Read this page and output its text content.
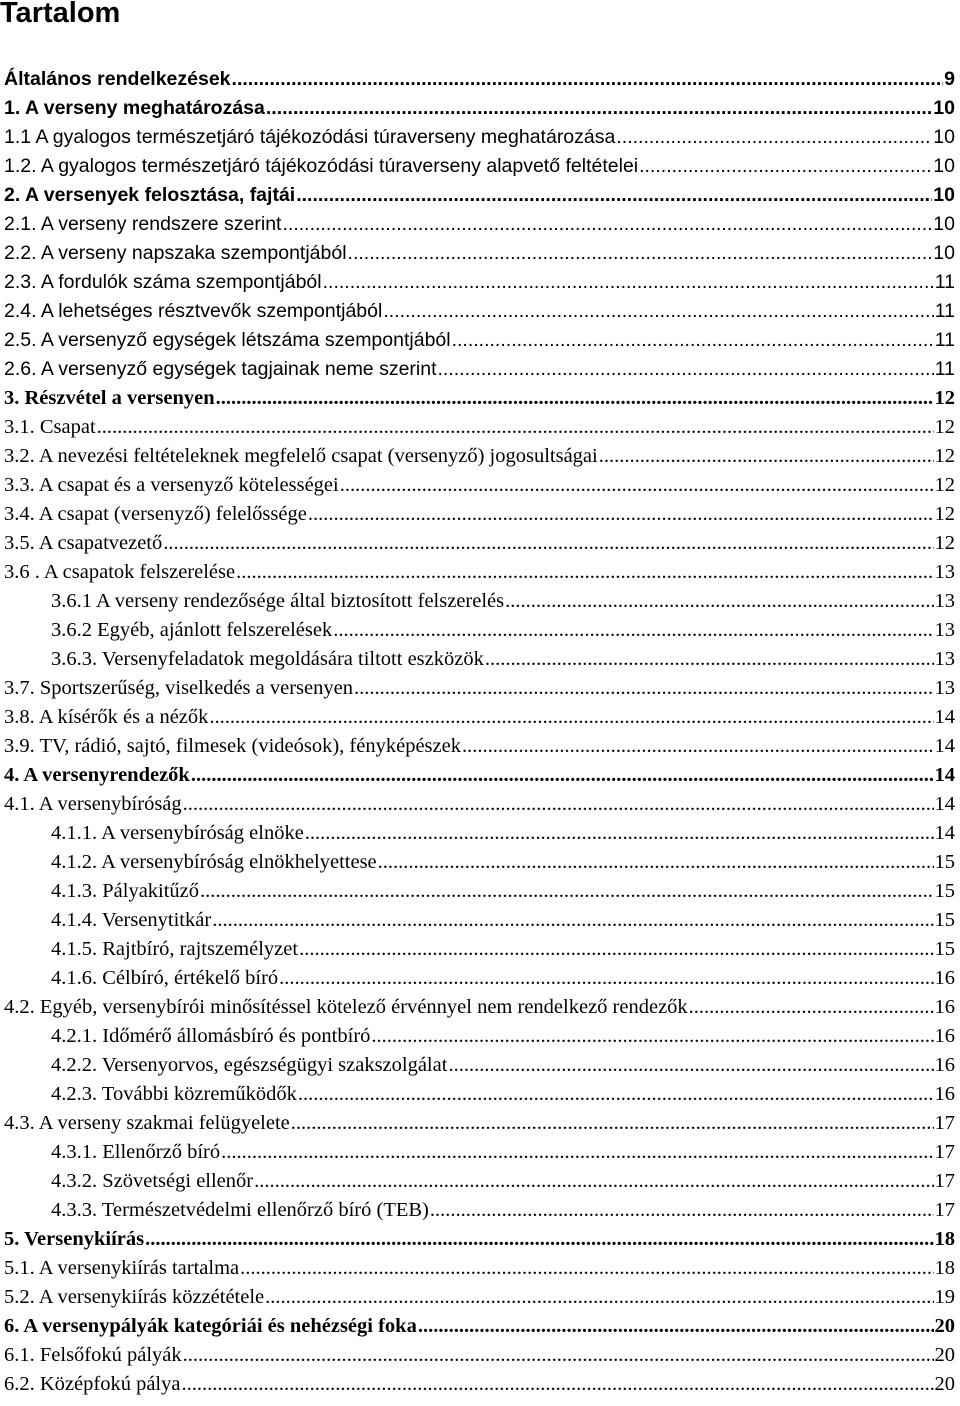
Tartalom
Általános rendelkezések .....	9
1. A verseny meghatározása .....	10
1.1 A gyalogos természetjáró tájékozódási túraverseny meghatározása .....	10
1.2. A gyalogos természetjáró tájékozódási túraverseny alapvető feltételei .....	10
2. A versenyek felosztása, fajtái .....	10
2.1. A verseny rendszere szerint .....	10
2.2. A verseny napszaka szempontjából .....	10
2.3. A fordulók száma szempontjából .....	11
2.4. A lehetséges résztvevők szempontjából .....	11
2.5. A versenyző egységek létszáma szempontjából .....	11
2.6. A versenyző egységek tagjainak neme szerint .....	11
3. Részvétel a versenyen .....	12
3.1. Csapat .....	12
3.2. A nevezési feltételeknek megfelelő csapat (versenyző) jogosultságai .....	12
3.3. A csapat és a versenyző kötelességei .....	12
3.4. A csapat (versenyző) felelőssége .....	12
3.5. A csapatvezető .....	12
3.6 . A csapatok felszerelése .....	13
3.6.1 A verseny rendezősége által biztosított felszerelés .....	13
3.6.2 Egyéb, ajánlott felszerelések .....	13
3.6.3. Versenyfeladatok megoldására tiltott eszközök .....	13
3.7. Sportszerűség, viselkedés a versenyen .....	13
3.8. A kísérők és a nézők .....	14
3.9. TV, rádió, sajtó, filmesek (videósok), fényképészek .....	14
4. A versenyrendezők .....	14
4.1. A versenybíróság .....	14
4.1.1. A versenybíróság elnöke .....	14
4.1.2. A versenybíróság elnökhelyettese .....	15
4.1.3. Pályakitűző .....	15
4.1.4. Versenytitkár .....	15
4.1.5. Rajtbíró, rajtszemélyzet .....	15
4.1.6. Célbíró, értékelő bíró .....	16
4.2. Egyéb, versenybírói minősítéssel kötelező érvénnyel nem rendelkező rendezők .....	16
4.2.1. Időmérő állomásbíró és pontbíró .....	16
4.2.2. Versenyorvos, egészségügyi szakszolgálat .....	16
4.2.3. További közreműködők .....	16
4.3. A verseny szakmai felügyelete .....	17
4.3.1. Ellenőrző bíró .....	17
4.3.2. Szövetségi ellenőr .....	17
4.3.3. Természetvédelmi ellenőrző bíró (TEB) .....	17
5. Versenykiírás .....	18
5.1. A versenykiírás tartalma .....	18
5.2. A versenykiírás közzététele .....	19
6. A versenypályák kategóriái és nehézségi foka .....	20
6.1. Felsőfokú pályák .....	20
6.2. Középfokú pálya .....	20
